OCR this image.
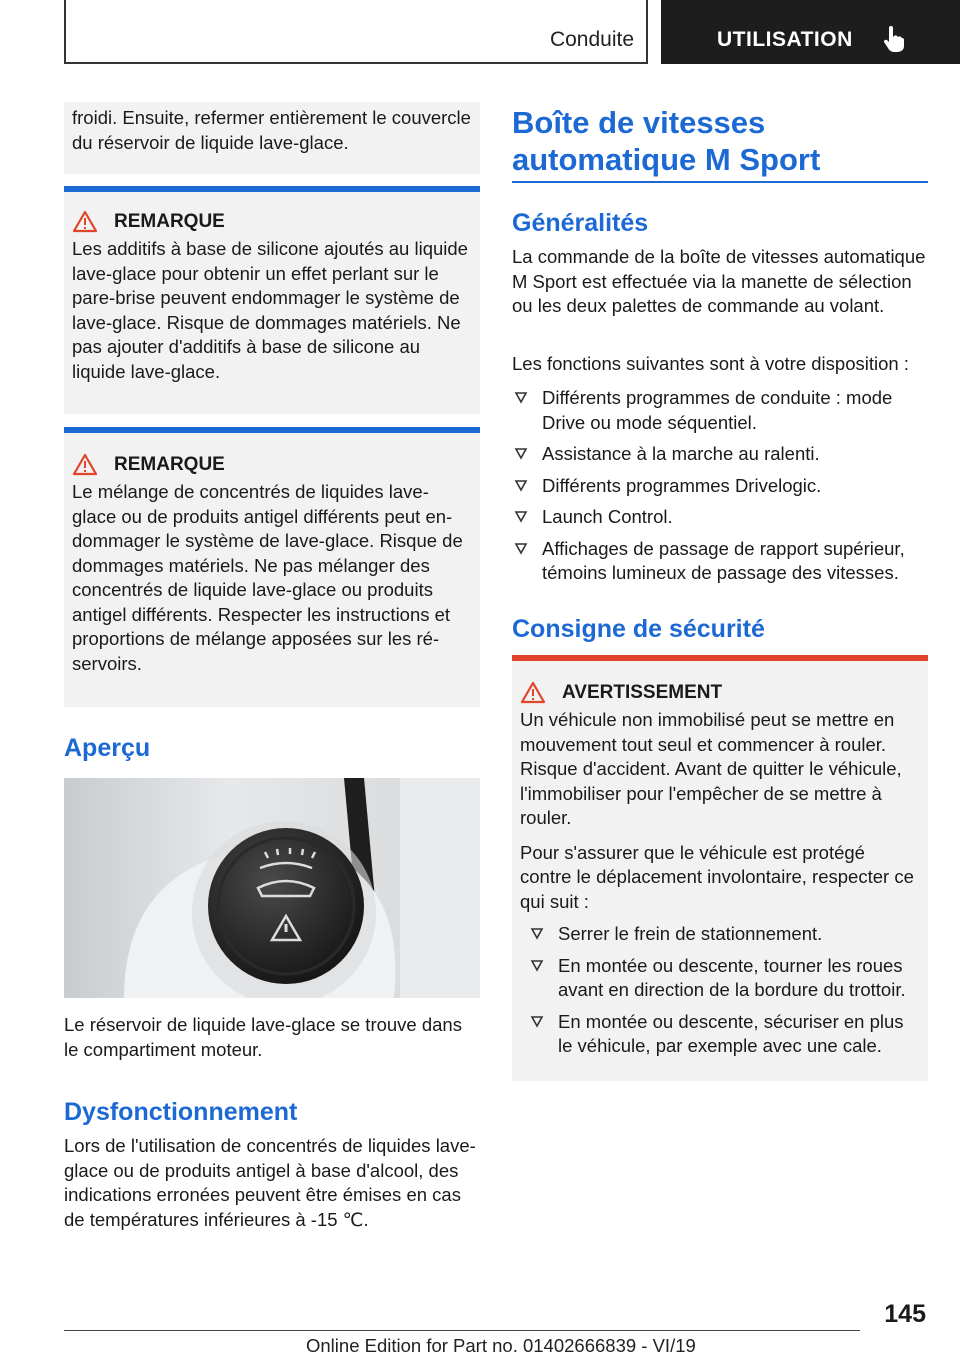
Conduite	UTILISATION

froidi. Ensuite, refermer entièrement le couvercle du réservoir de liquide lave-glace.

REMARQUE

Les additifs à base de silicone ajoutés au liquide lave-glace pour obtenir un effet perlant sur le pare-brise peuvent endommager le système de lave-glace. Risque de dommages matériels. Ne pas ajouter d'additifs à base de silicone au liquide lave-glace.

REMARQUE

Le mélange de concentrés de liquides lave-glace ou de produits antigel différents peut endommager le système de lave-glace. Risque de dommages matériels. Ne pas mélanger des concentrés de liquide lave-glace ou produits antigel différents. Respecter les instructions et proportions de mélange apposées sur les réservoirs.

Aperçu

Le réservoir de liquide lave-glace se trouve dans le compartiment moteur.

Dysfonctionnement

Lors de l'utilisation de concentrés de liquides lave-glace ou de produits antigel à base d'alcool, des indications erronées peuvent être émises en cas de températures inférieures à -15 ℃.

Boîte de vitesses automatique M Sport
Généralités

La commande de la boîte de vitesses automatique M Sport est effectuée via la manette de sélection ou les deux palettes de commande au volant.

Les fonctions suivantes sont à votre disposition :

Différents programmes de conduite : mode Drive ou mode séquentiel.
Assistance à la marche au ralenti.
Différents programmes Drivelogic.
Launch Control.
Affichages de passage de rapport supérieur, témoins lumineux de passage des vitesses.
Consigne de sécurité
AVERTISSEMENT

Un véhicule non immobilisé peut se mettre en mouvement tout seul et commencer à rouler. Risque d'accident. Avant de quitter le véhicule, l'immobiliser pour l'empêcher de se mettre à rouler.

Pour s'assurer que le véhicule est protégé contre le déplacement involontaire, respecter ce qui suit :

Serrer le frein de stationnement.
En montée ou descente, tourner les roues avant en direction de la bordure du trottoir.
En montée ou descente, sécuriser en plus le véhicule, par exemple avec une cale.
145
Online Edition for Part no. 01402666839 - VI/19
